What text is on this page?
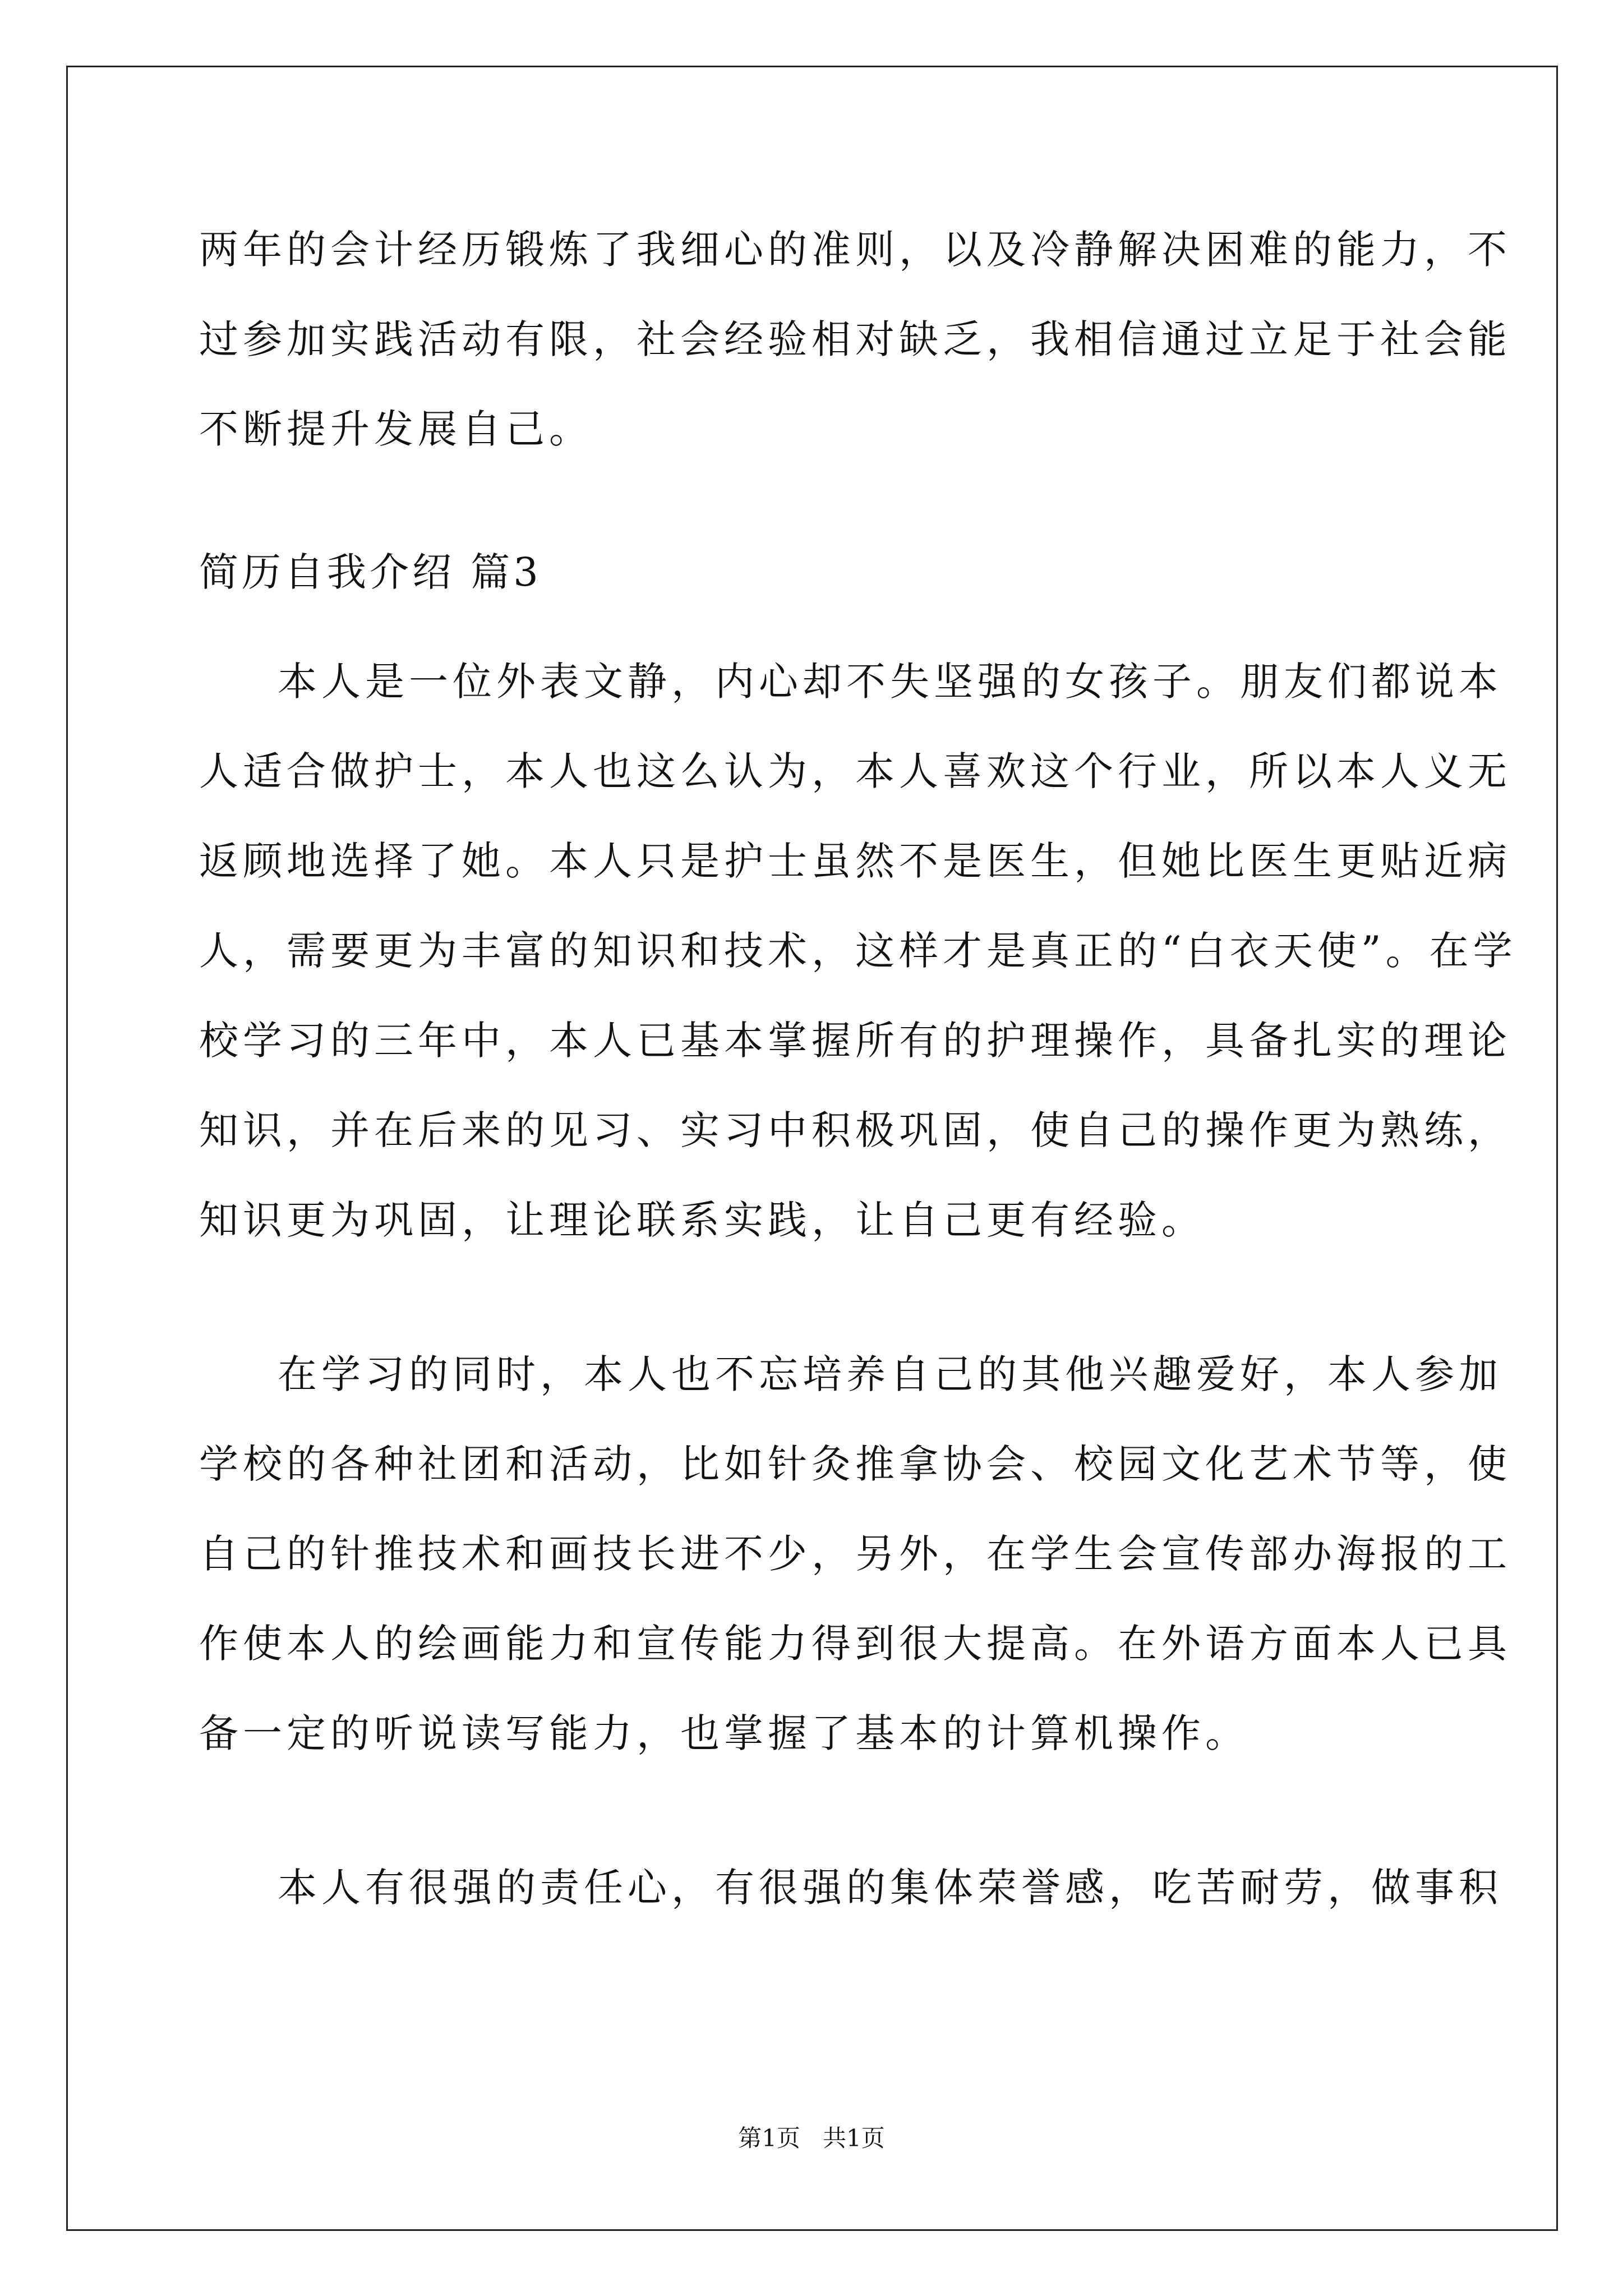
两年的会计经历锻炼了我细心的准则，以及冷静解决困难的能力，不
过参加实践活动有限，社会经验相对缺乏，我相信通过立足于社会能
不断提升发展自己。
简历自我介绍 篇3
本人是一位外表文静，内心却不失坚强的女孩子。朋友们都说本
人适合做护士，本人也这么认为，本人喜欢这个行业，所以本人义无
返顾地选择了她。本人只是护士虽然不是医生，但她比医生更贴近病
人，需要更为丰富的知识和技术，这样才是真正的“白衣天使”。在学
校学习的三年中，本人已基本掌握所有的护理操作，具备扎实的理论
知识，并在后来的见习、实习中积极巩固，使自己的操作更为熟练，
知识更为巩固，让理论联系实践，让自己更有经验。
在学习的同时，本人也不忘培养自己的其他兴趣爱好，本人参加
学校的各种社团和活动，比如针灸推拿协会、校园文化艺术节等，使
自己的针推技术和画技长进不少，另外，在学生会宣传部办海报的工
作使本人的绘画能力和宣传能力得到很大提高。在外语方面本人已具
备一定的听说读写能力，也掌握了基本的计算机操作。
本人有很强的责任心，有很强的集体荣誉感，吃苦耐劳，做事积
第1页   共1页
